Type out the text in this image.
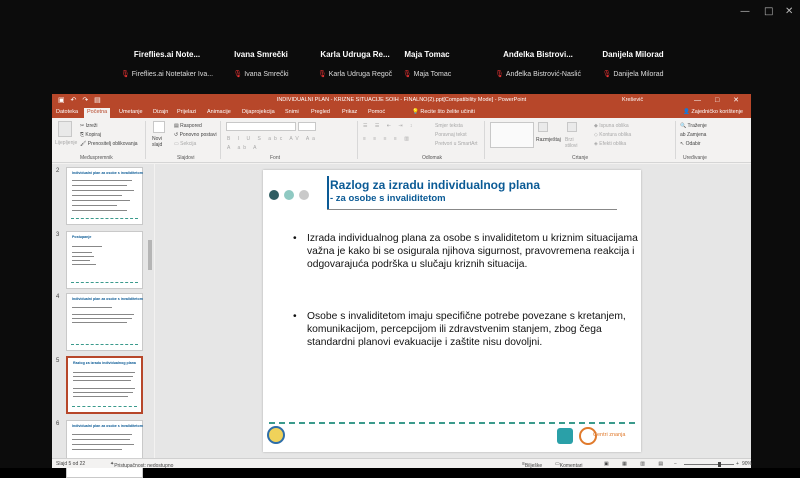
— □ ✕
Fireflies.ai Note...
🎙 Fireflies.ai Notetaker Iva...
Ivana Smrečki
🎙 Ivana Smrečki
Karla Udruga Re...
🎙 Karla Udruga Regoč
Maja Tomac
🎙 Maja Tomac
Anđelka Bistrovi...
🎙 Anđelka Bistrović-Naslić
Danijela Milorad
🎙 Danijela Milorad
▣ ↶ ↷ ▤	INDIVIDUALNI PLAN - KRIZNE SITUACIJE SOIH - FINALNO(2).ppt[Compatibility Mode] - PowerPoint	Kreševič	— □ ✕
Datoteka	Početna	Umetanje Dizajn Prijelazi Animacije Dijaprojekcija Snimi Pregled Prikaz Pomoć	💡 Recite što želite učiniti	👤 Zajedničko korištenje
Lijepljenje
✂ Izreži
⎘ Kopiraj
🖌 Prenositelj oblikovanja
Međuspremnik
Novi slajd
▤ Raspored
↺ Ponovno postavi
▭ Sekcija
Slajdovi
B I U S abc AV Aa
A ab A
Font
☰ ☰ ⇤ ⇥ ↕
≡ ≡ ≡ ≡ ▥
Smjer teksta
Poravnaj tekst
Pretvori u SmartArt
Odlomak
Razmještaj Brzi stilovi
◆ Ispuna oblika
◇ Kontura oblika
◈ Efekti oblika
Crtanje
🔍 Traženje
ab Zamjena
↖ Odabir
Uređivanje
2	Individualni plan za osobe s invaliditetom
3	Postupanje
4	Individualni plan za osobe s invaliditetom
5	Razlog za izradu individualnog plana
6	Individualni plan za osobe s invaliditetom
Razlog za izradu individualnog plana
- za osobe s invaliditetom
• Izrada individualnog plana za osobe s invaliditetom u kriznim situacijama važna je kako bi se osigurala njihova sigurnost, pravovremena reakcija i odgovarajuća podrška u slučaju kriznih situacija.
• Osobe s invaliditetom imaju specifične potrebe povezane s kretanjem, komunikacijom, percepcijom ili zdravstvenim stanjem, zbog čega standardni planovi evakuacije i zaštite nisu dovoljni.
Centri znanja
Slajd 5 od 22	✦ Pristupačnost: nedostupno	≡ Bilješke	▭ Komentari	▣ ▦ ▥ ▤ −	+ 90%
